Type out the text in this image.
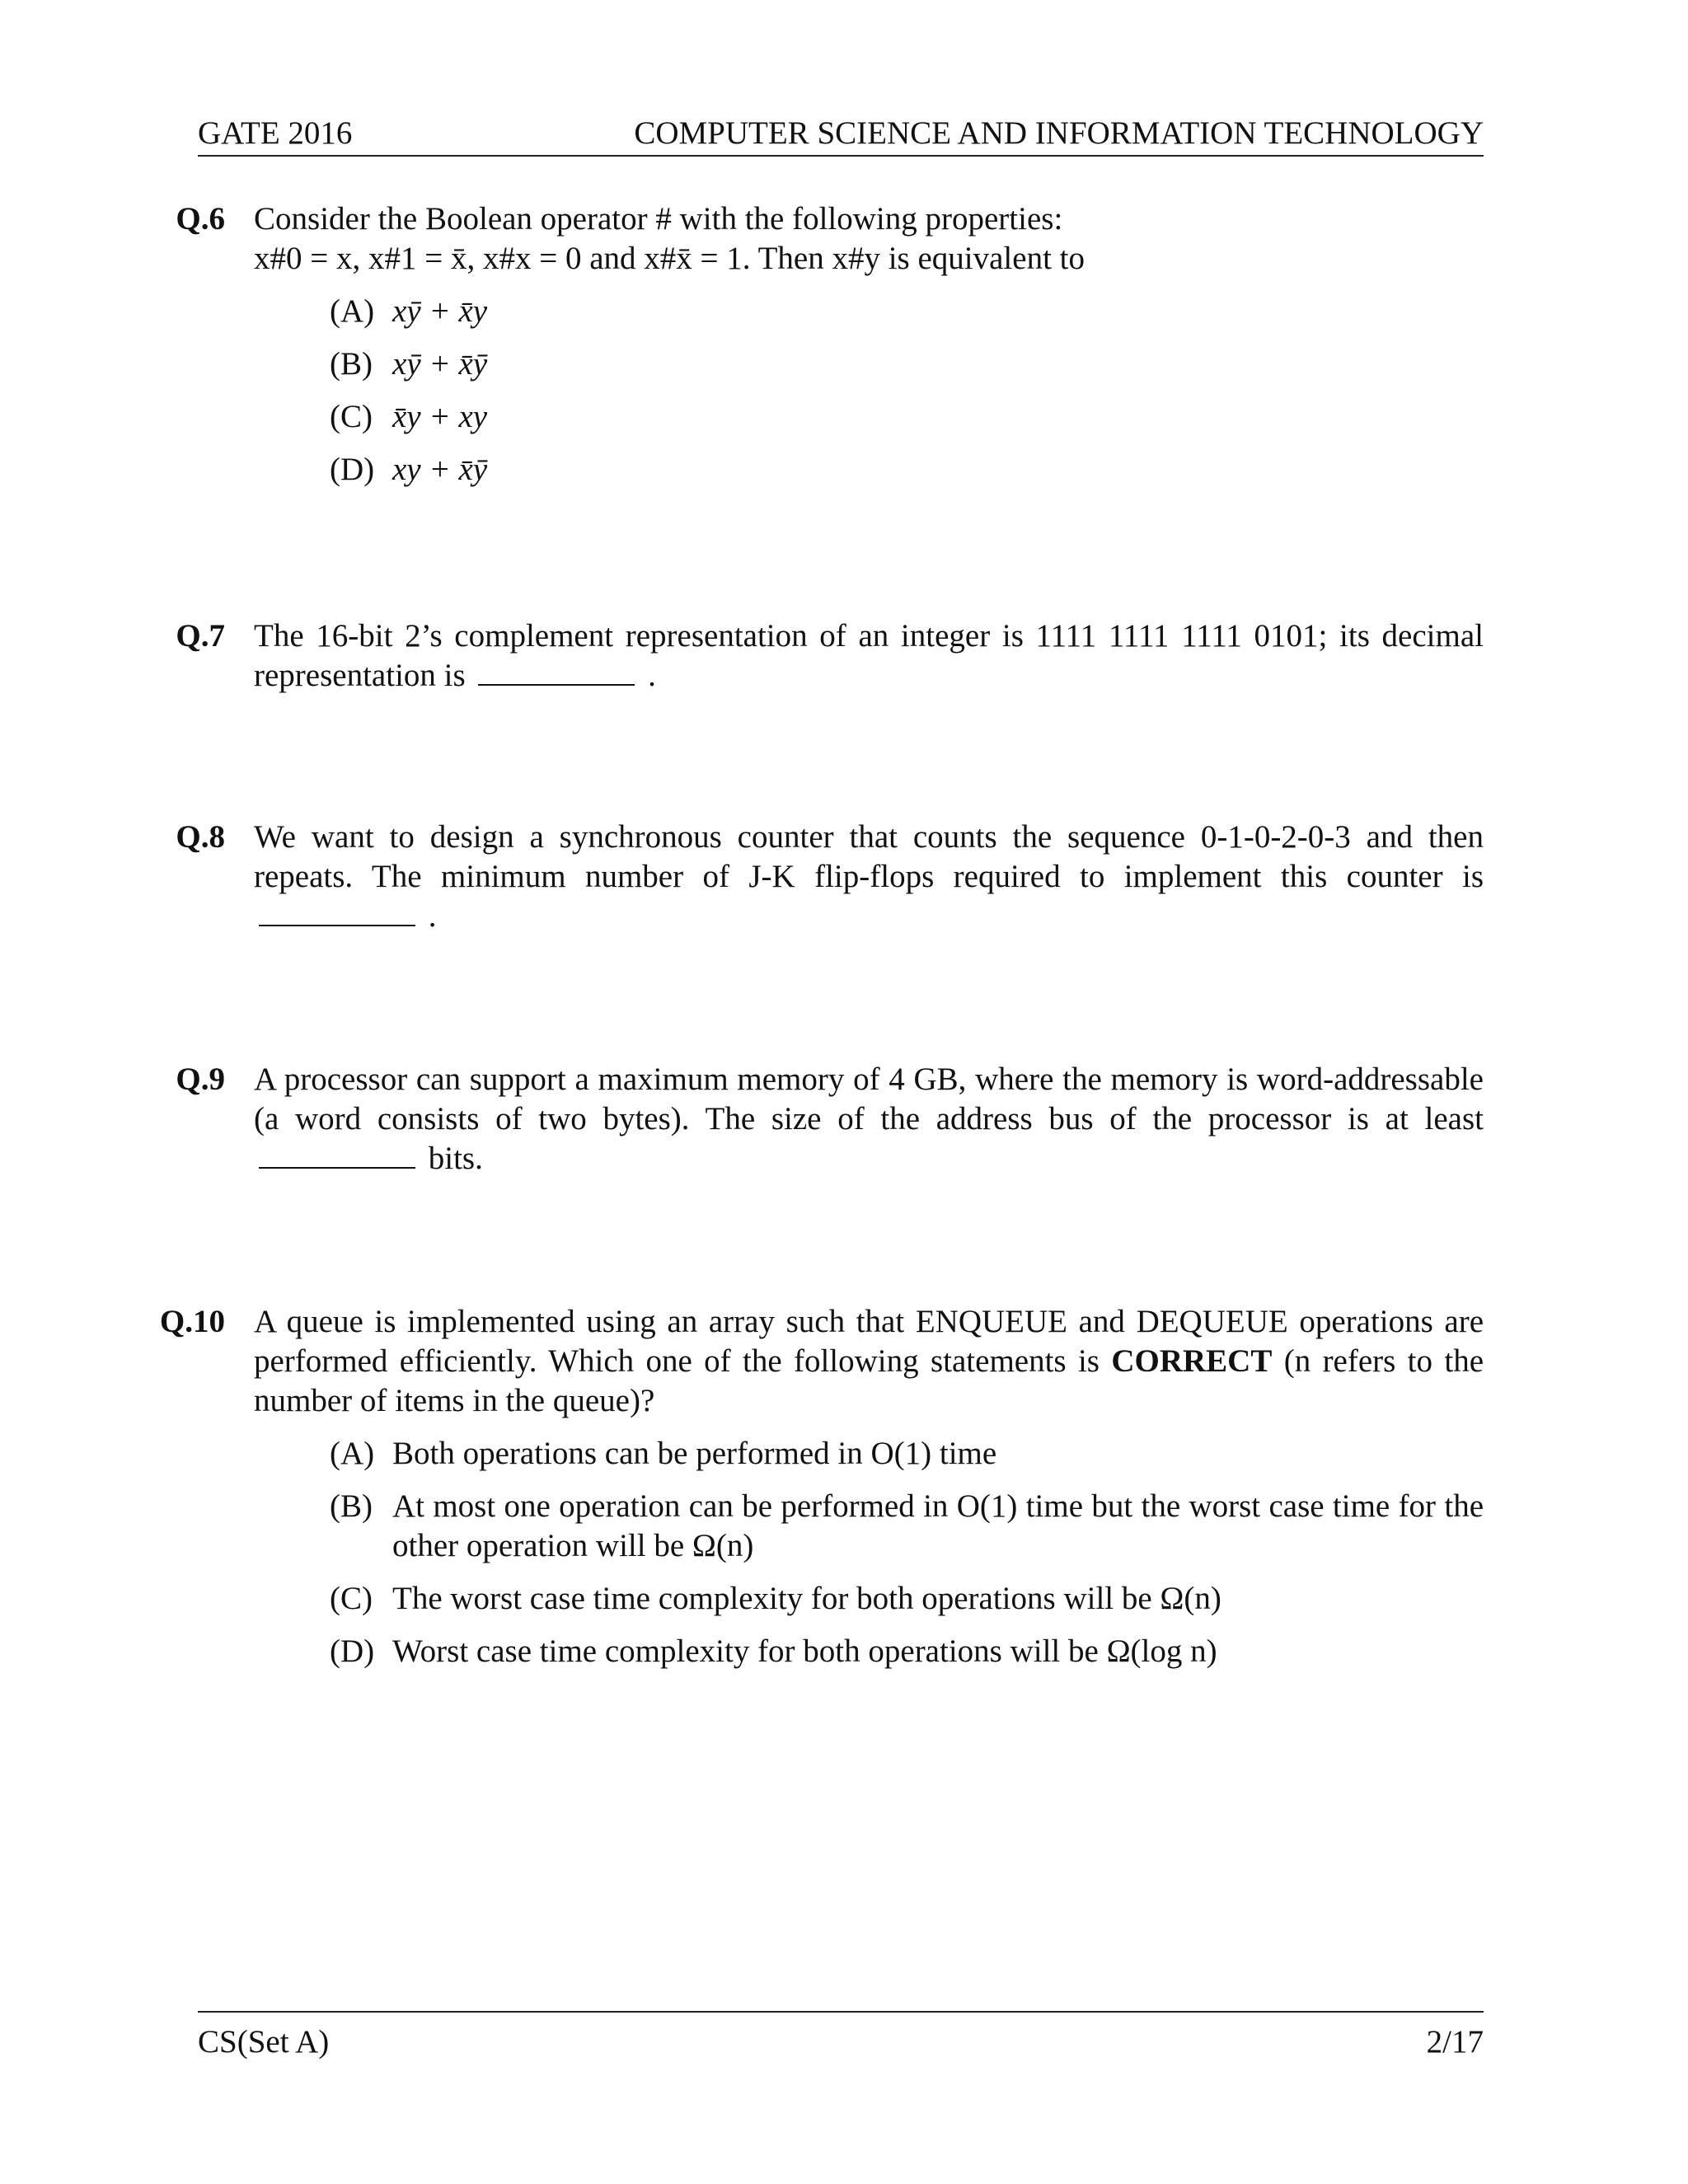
GATE 2016	COMPUTER SCIENCE AND INFORMATION TECHNOLOGY
Q.6 Consider the Boolean operator # with the following properties:

x#0 = x, x#1 = x̄, x#x = 0 and x#x̄ = 1. Then x#y is equivalent to

(A) xȳ + x̄y
(B) xȳ + x̄ȳ
(C) x̄y + xy
(D) xy + x̄ȳ
Q.7 The 16-bit 2’s complement representation of an integer is 1111 1111 1111 0101; its decimal representation is	.

Q.8 We want to design a synchronous counter that counts the sequence 0-1-0-2-0-3 and then repeats. The minimum number of J-K flip-flops required to implement this counter is  .

Q.9 A processor can support a maximum memory of 4 GB, where the memory is word-addressable (a word consists of two bytes). The size of the address bus of the processor is at least  bits.

Q.10 A queue is implemented using an array such that ENQUEUE and DEQUEUE operations are performed efficiently. Which one of the following statements is CORRECT (n refers to the number of items in the queue)?

(A) Both operations can be performed in O(1) time
(B) At most one operation can be performed in O(1) time but the worst case time for the other operation will be Ω(n)
(C) The worst case time complexity for both operations will be Ω(n)
(D) Worst case time complexity for both operations will be Ω(log n)
CS(Set A)	2/17
